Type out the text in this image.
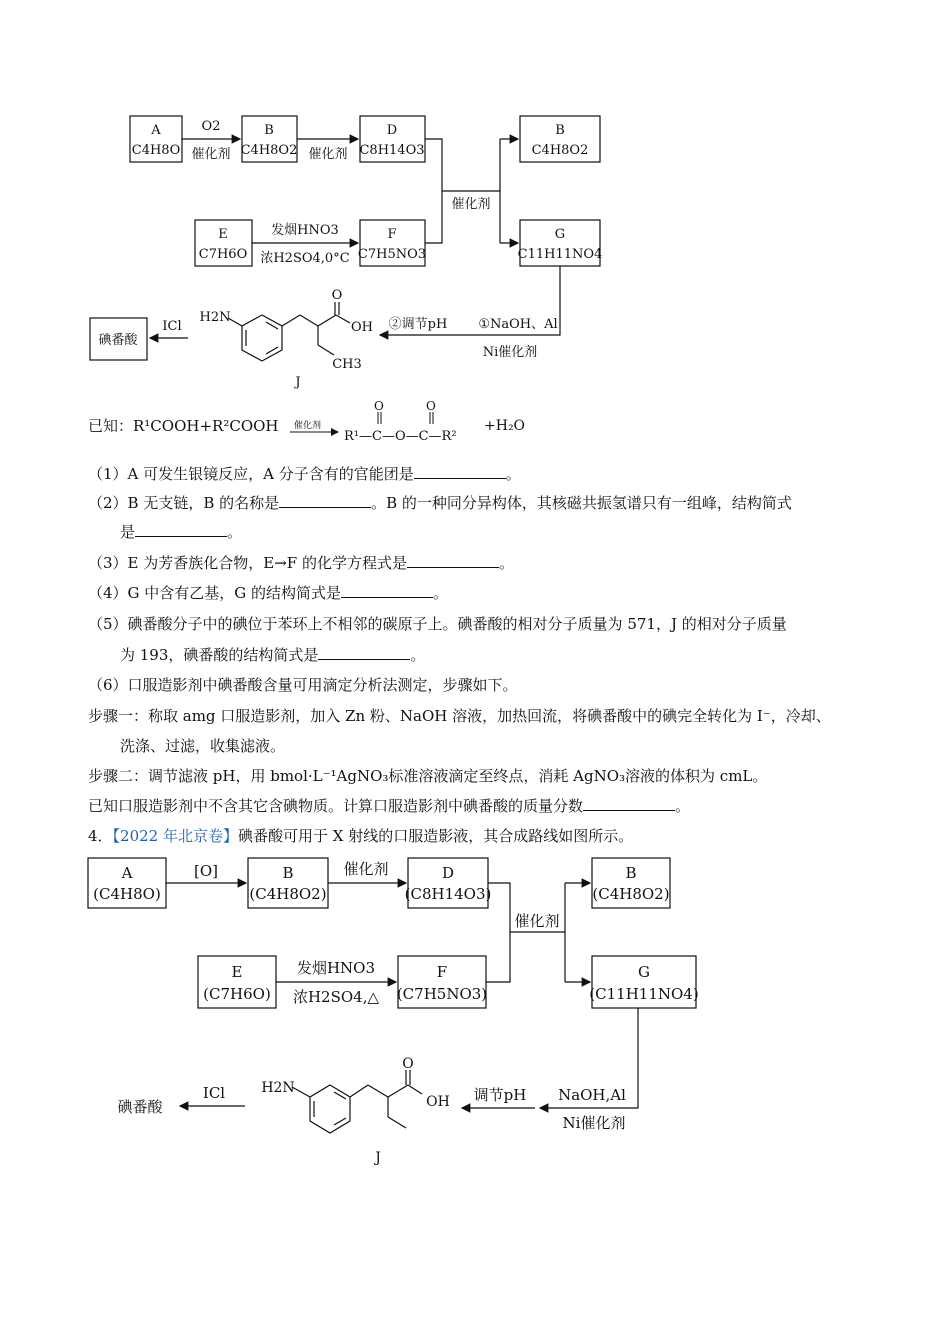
A
C4H8O
B
C4H8O2
D
C8H14O3
B
C4H8O2
E
C7H6O
F
C7H5NO3
G
C11H11NO4
碘番酸
O2
催化剂	催化剂
催化剂
发烟HNO3
浓H2SO4,0°C
①NaOH、Al
Ni催化剂
②调节pH
ICl
H2N
O
OH
CH3
J
已知：R¹COOH+R²COOH 催化剂
O	O
R¹—C—O—C—R²
+H₂O
（1）A 可发生银镜反应，A 分子含有的官能团是	。
（2）B 无支链，B 的名称是	。B 的一种同分异构体，其核磁共振氢谱只有一组峰，结构简式
是	。
（3）E 为芳香族化合物，E→F 的化学方程式是	。
（4）G 中含有乙基，G 的结构简式是	。
（5）碘番酸分子中的碘位于苯环上不相邻的碳原子上。碘番酸的相对分子质量为 571，J 的相对分子质量
为 193，碘番酸的结构简式是	。
（6）口服造影剂中碘番酸含量可用滴定分析法测定，步骤如下。
步骤一：称取 amg 口服造影剂，加入 Zn 粉、NaOH 溶液，加热回流，将碘番酸中的碘完全转化为 I⁻，冷却、
洗涤、过滤，收集滤液。
步骤二：调节滤液 pH，用 bmol·L⁻¹AgNO₃标准溶液滴定至终点，消耗 AgNO₃溶液的体积为 cmL。
已知口服造影剂中不含其它含碘物质。计算口服造影剂中碘番酸的质量分数	。
4．【2022 年北京卷】碘番酸可用于 X 射线的口服造影液，其合成路线如图所示。
A
(C4H8O)
B
(C4H8O2)
D
(C8H14O3)
B
(C4H8O2)
E
(C7H6O)
F
(C7H5NO3)
G
(C11H11NO4)
[O]	催化剂
催化剂
发烟HNO3
浓H2SO4,△
NaOH,Al
Ni催化剂
调节pH
ICl
碘番酸
H2N
O
OH
J
